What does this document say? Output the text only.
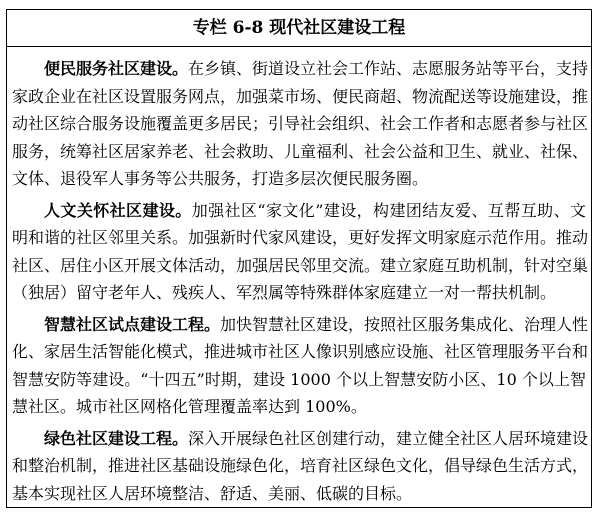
专栏 6-8 现代社区建设工程
便民服务社区建设。在乡镇、街道设立社会工作站、志愿服务站等平台，支持
家政企业在社区设置服务网点，加强菜市场、便民商超、物流配送等设施建设，推
动社区综合服务设施覆盖更多居民；引导社会组织、社会工作者和志愿者参与社区
服务，统筹社区居家养老、社会救助、儿童福利、社会公益和卫生、就业、社保、
文体、退役军人事务等公共服务，打造多层次便民服务圈。
人文关怀社区建设。加强社区“家文化”建设，构建团结友爱、互帮互助、文
明和谐的社区邻里关系。加强新时代家风建设，更好发挥文明家庭示范作用。推动
社区、居住小区开展文体活动，加强居民邻里交流。建立家庭互助机制，针对空巢
（独居）留守老年人、残疾人、军烈属等特殊群体家庭建立一对一帮扶机制。
智慧社区试点建设工程。加快智慧社区建设，按照社区服务集成化、治理人性
化、家居生活智能化模式，推进城市社区人像识别感应设施、社区管理服务平台和
智慧安防等建设。“十四五”时期，建设 1000 个以上智慧安防小区、10 个以上智
慧社区。城市社区网格化管理覆盖率达到 100%。
绿色社区建设工程。深入开展绿色社区创建行动，建立健全社区人居环境建设
和整治机制，推进社区基础设施绿色化，培育社区绿色文化，倡导绿色生活方式，
基本实现社区人居环境整洁、舒适、美丽、低碳的目标。
